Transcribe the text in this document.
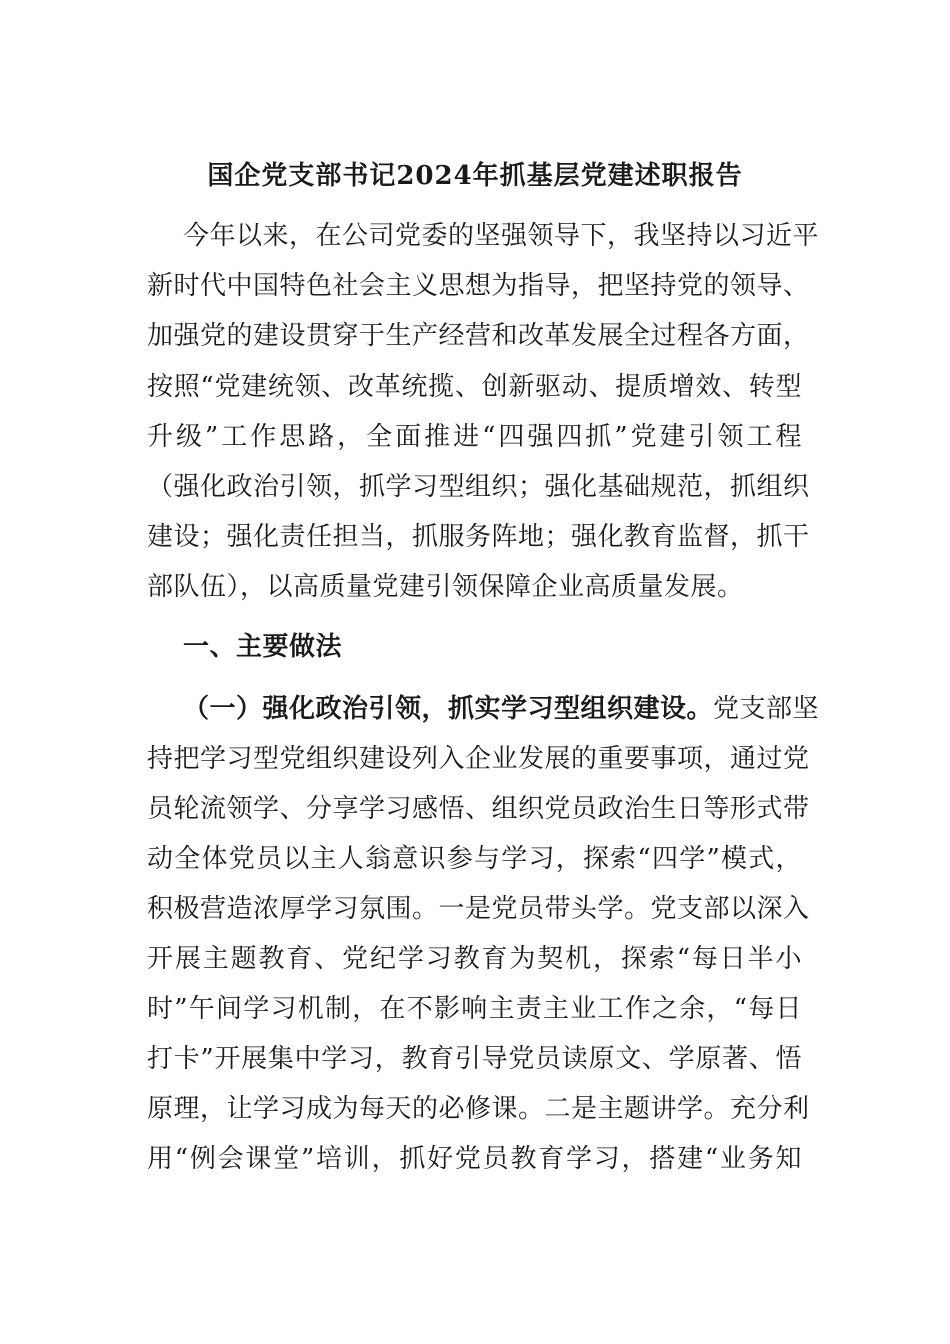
国企党支部书记2024年抓基层党建述职报告
今年以来，在公司党委的坚强领导下，我坚持以习近平
新时代中国特色社会主义思想为指导，把坚持党的领导、
加强党的建设贯穿于生产经营和改革发展全过程各方面，
按照“党建统领、改革统揽、创新驱动、提质增效、转型
升级”工作思路，全面推进“四强四抓”党建引领工程
（强化政治引领，抓学习型组织；强化基础规范，抓组织
建设；强化责任担当，抓服务阵地；强化教育监督，抓干
部队伍），以高质量党建引领保障企业高质量发展。
一、主要做法
（一）强化政治引领，抓实学习型组织建设。党支部坚
持把学习型党组织建设列入企业发展的重要事项，通过党
员轮流领学、分享学习感悟、组织党员政治生日等形式带
动全体党员以主人翁意识参与学习，探索“四学”模式，
积极营造浓厚学习氛围。一是党员带头学。党支部以深入
开展主题教育、党纪学习教育为契机，探索“每日半小
时”午间学习机制，在不影响主责主业工作之余，“每日
打卡”开展集中学习，教育引导党员读原文、学原著、悟
原理，让学习成为每天的必修课。二是主题讲学。充分利
用“例会课堂”培训，抓好党员教育学习，搭建“业务知
